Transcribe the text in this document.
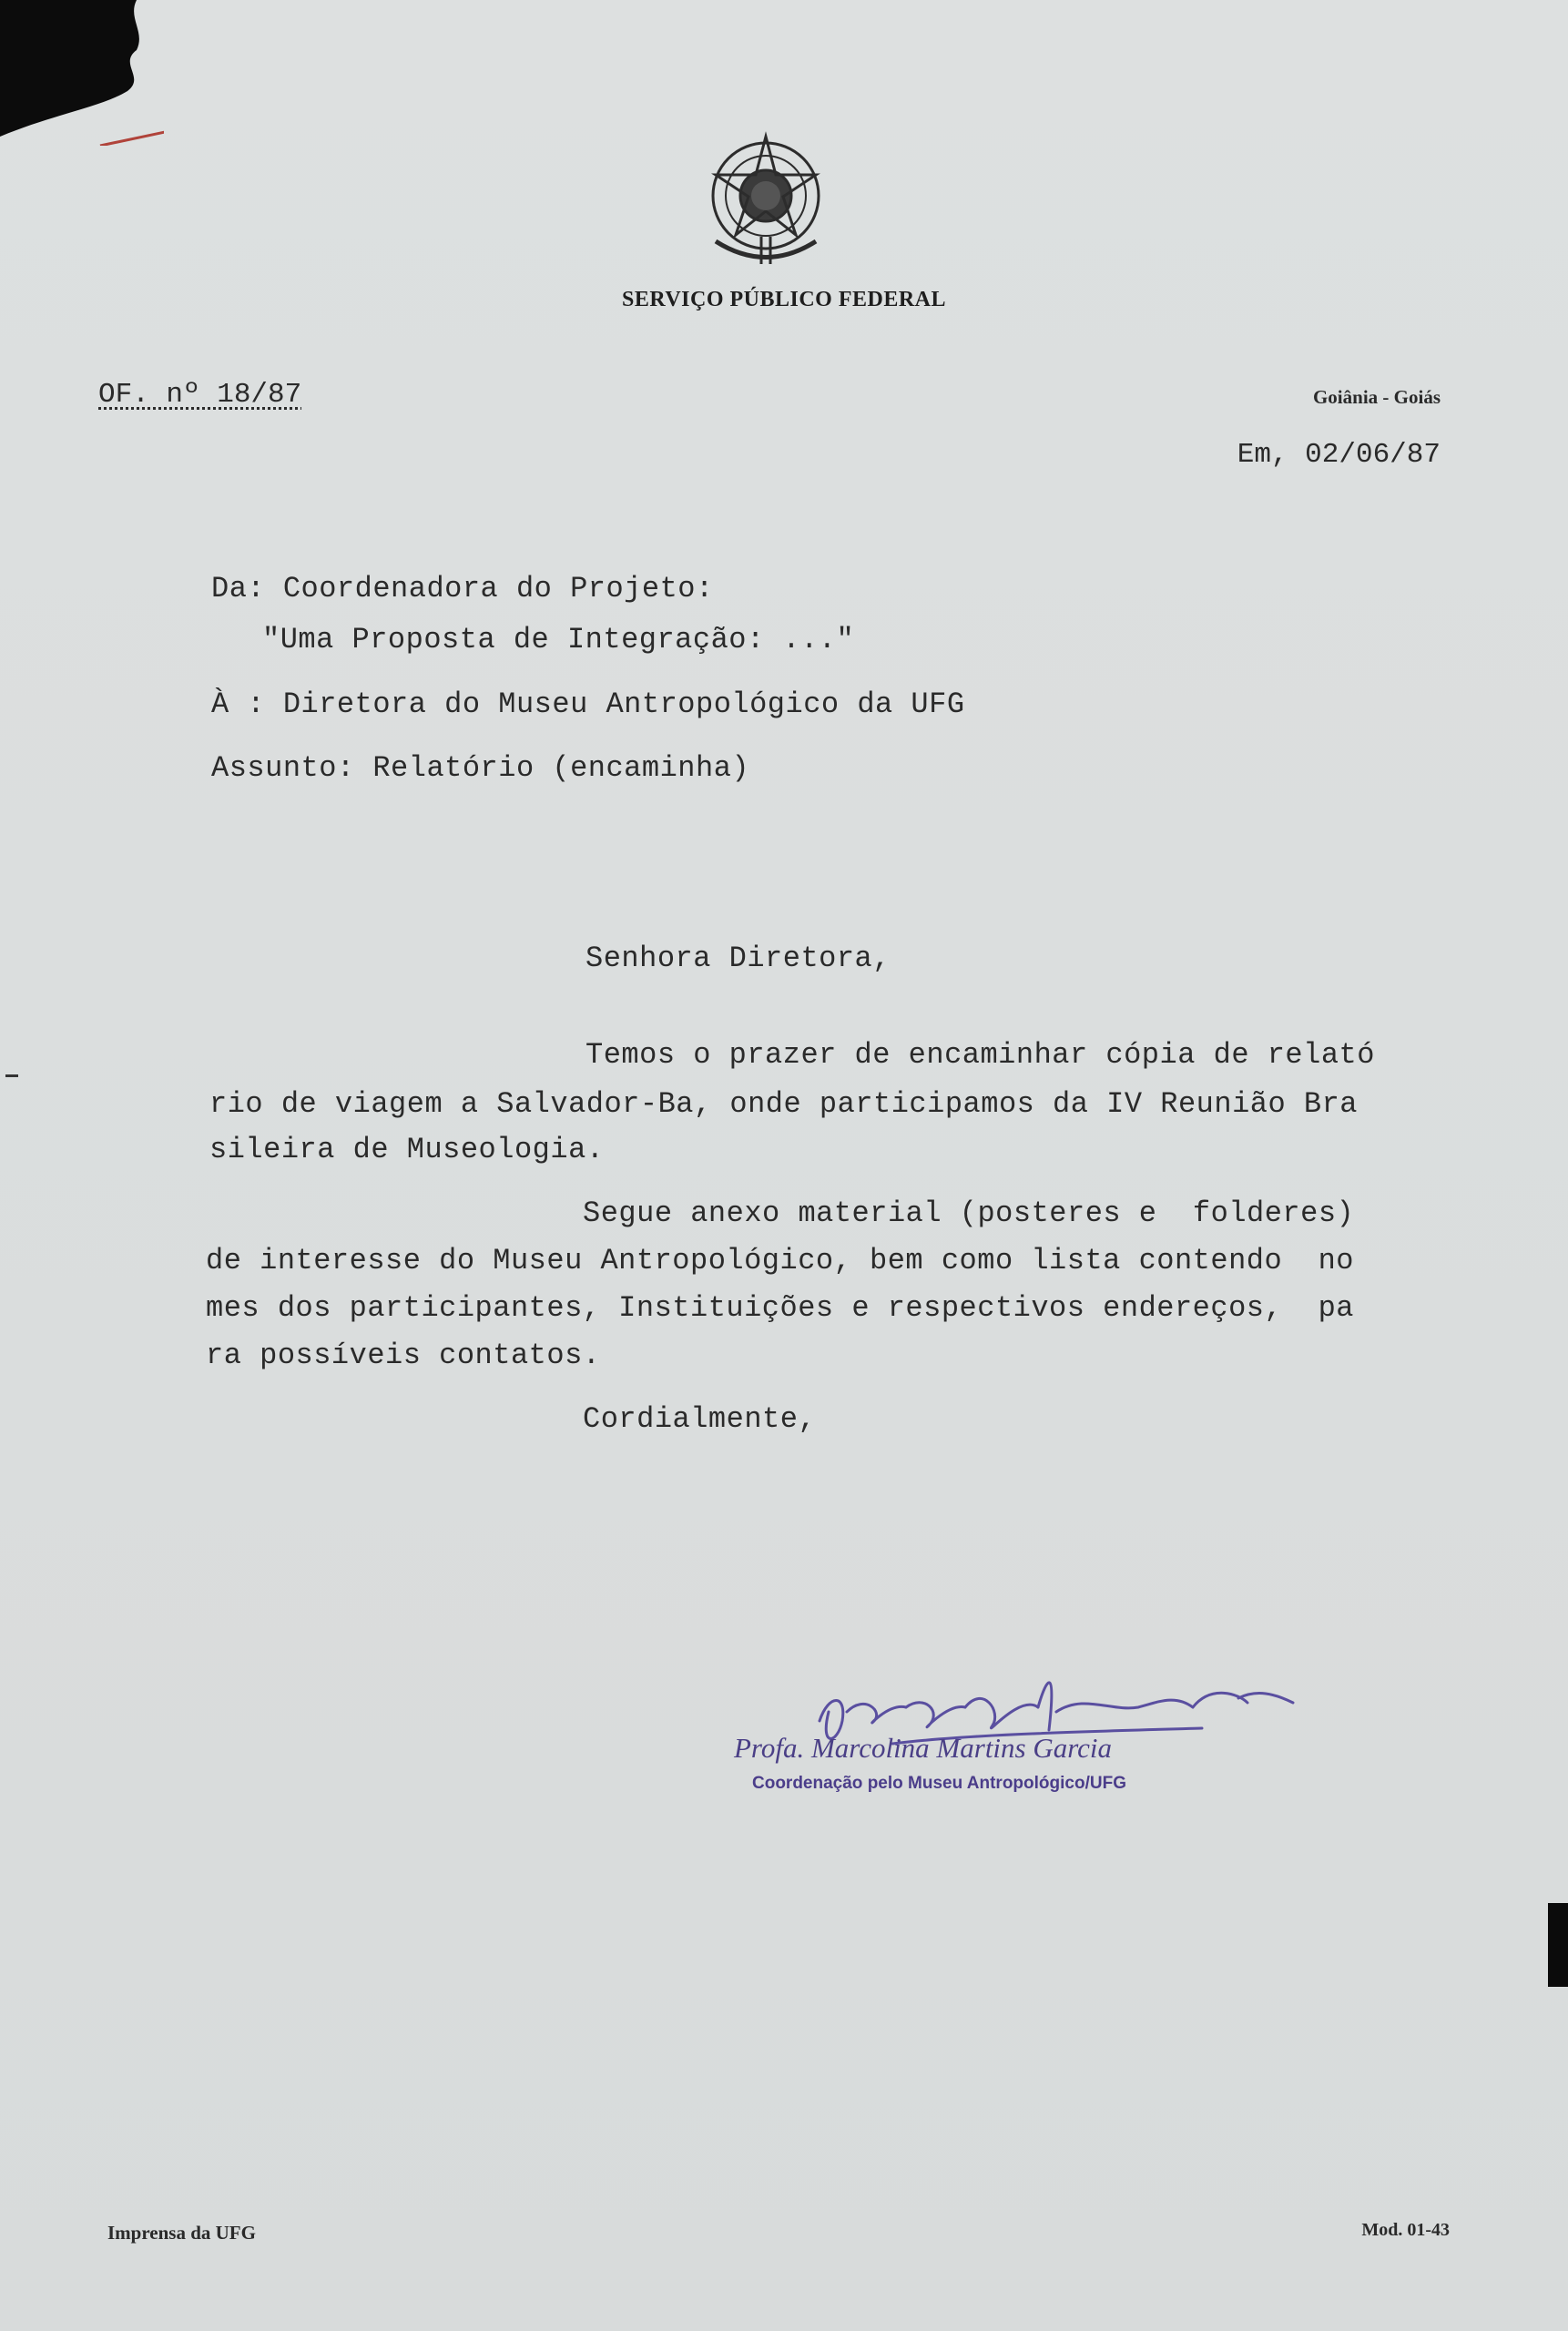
SERVIÇO PÚBLICO FEDERAL
OF. nº 18/87	Goiânia - Goiás
Em, 02/06/87
Da: Coordenadora do Projeto:
"Uma Proposta de Integração: ..."
À : Diretora do Museu Antropológico da UFG
Assunto: Relatório (encaminha)
Senhora Diretora,
Temos o prazer de encaminhar cópia de relató
rio de viagem a Salvador-Ba, onde participamos da IV Reunião Bra
sileira de Museologia.
Segue anexo material (posteres e  folderes)
de interesse do Museu Antropológico, bem como lista contendo  no
mes dos participantes, Instituições e respectivos endereços,  pa
ra possíveis contatos.
Cordialmente,
Profa. Marcolina Martins Garcia
Coordenação pelo Museu Antropológico/UFG
Imprensa da UFG	Mod. 01-43
